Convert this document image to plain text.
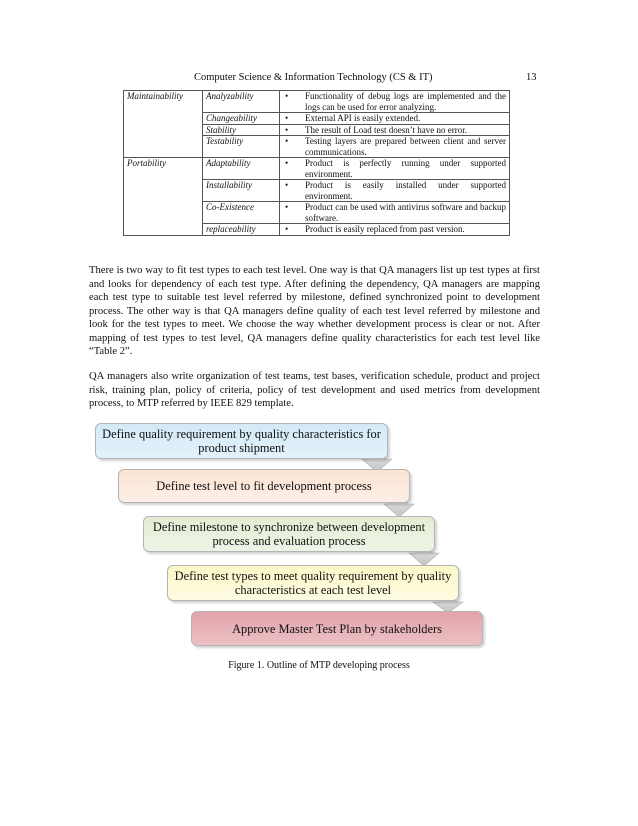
Computer Science & Information Technology (CS & IT)	13
Maintainability	Analyzability	• Functionality of debug logs are implemented and the logs can be used for error analyzing.

	Changeability	• External API is easily extended.

	Stability	• The result of Load test doesn’t have no error.

	Testability	• Testing layers are prepared between client and server communications.

Portability	Adaptability	• Product is perfectly running under supported environment.

	Installability	• Product is easily installed under supported environment.

	Co-Existence	• Product can be used with antivirus software and backup software.

	replaceability	• Product is easily replaced from past version.

There is two way to fit test types to each test level. One way is that QA managers list up test types at first and looks for dependency of each test type. After defining the dependency, QA managers are mapping each test type to suitable test level referred by milestone, defined synchronized point to development process. The other way is that QA managers define quality of each test level referred by milestone and look for the test types to meet. We choose the way whether development process is clear or not. After mapping of test types to test level, QA managers define quality characteristics for each test level like “Table 2”.

QA managers also write organization of test teams, test bases, verification schedule, product and project risk, training plan, policy of criteria, policy of test development and used metrics from development process, to MTP referred by IEEE 829 template.

Define quality requirement by quality characteristics for product shipment
Define test level to fit development process
Define milestone to synchronize between development process and evaluation process
Define test types to meet quality requirement by quality characteristics at each test level
Approve Master Test Plan by stakeholders
Figure 1. Outline of MTP developing process
